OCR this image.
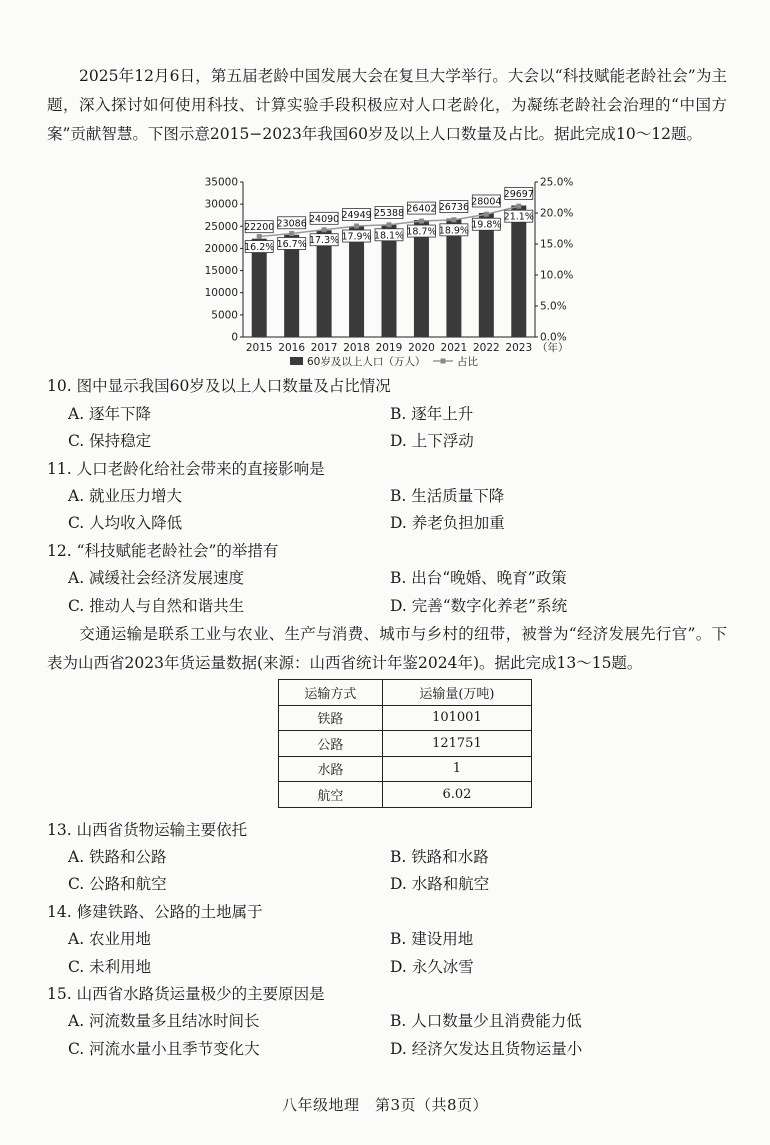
2025年12月6日，第五届老龄中国发展大会在复旦大学举行。大会以“科技赋能老龄社会”为主题，深入探讨如何使用科技、计算实验手段积极应对人口老龄化，为凝练老龄社会治理的“中国方案”贡献智慧。下图示意2015−2023年我国60岁及以上人口数量及占比。据此完成10～12题。
0
5000
10000
15000
20000
25000
30000
35000
0.0%
5.0%
10.0%
15.0%
20.0%
25.0%
22200 23086 24090 24949 25388 26402 26736
28004
29697
16.2% 16.7% 17.3% 17.9% 18.1% 18.7% 18.9%
19.8%
21.1%
2015 2016 2017 2018 2019 2020 2021 2022 2023 （年）
60岁及以上人口（万人）	占比
10. 图中显示我国60岁及以上人口数量及占比情况
A. 逐年下降	B. 逐年上升
C. 保持稳定	D. 上下浮动
11. 人口老龄化给社会带来的直接影响是
A. 就业压力增大	B. 生活质量下降
C. 人均收入降低	D. 养老负担加重
12. “科技赋能老龄社会”的举措有
A. 减缓社会经济发展速度	B. 出台“晚婚、晚育”政策
C. 推动人与自然和谐共生	D. 完善“数字化养老”系统
交通运输是联系工业与农业、生产与消费、城市与乡村的纽带，被誉为“经济发展先行官”。下表为山西省2023年货运量数据(来源：山西省统计年鉴2024年)。据此完成13～15题。
运输方式	运输量(万吨)
铁路	101001
公路	121751
水路	1
航空	6.02
13. 山西省货物运输主要依托
A. 铁路和公路	B. 铁路和水路
C. 公路和航空	D. 水路和航空
14. 修建铁路、公路的土地属于
A. 农业用地	B. 建设用地
C. 未利用地	D. 永久冰雪
15. 山西省水路货运量极少的主要原因是
A. 河流数量多且结冰时间长	B. 人口数量少且消费能力低
C. 河流水量小且季节变化大	D. 经济欠发达且货物运量小
八年级地理　第3页（共8页）
